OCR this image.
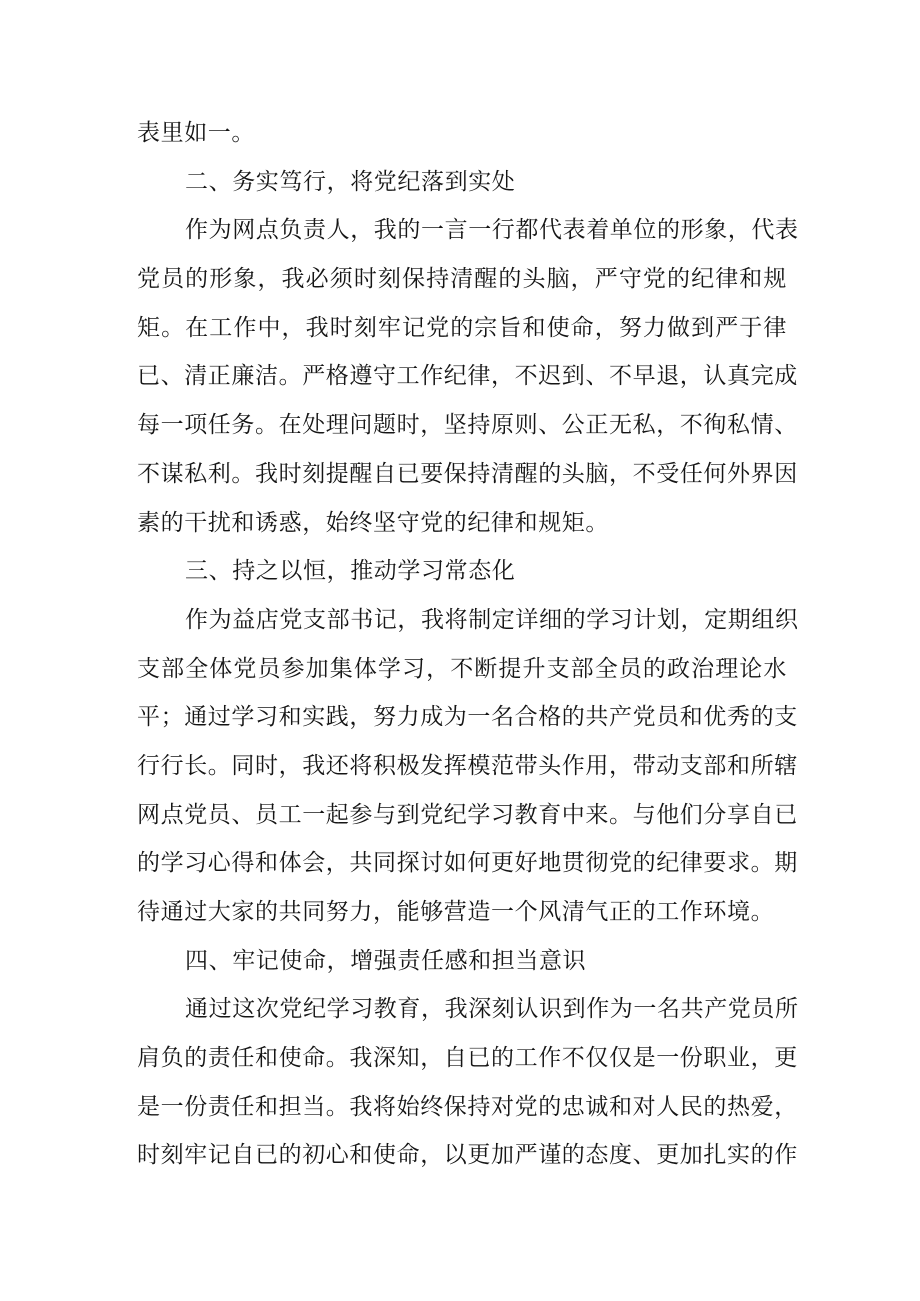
表里如一。
二、务实笃行，将党纪落到实处
作为网点负责人，我的一言一行都代表着单位的形象，代表
党员的形象，我必须时刻保持清醒的头脑，严守党的纪律和规
矩。在工作中，我时刻牢记党的宗旨和使命，努力做到严于律
已、清正廉洁。严格遵守工作纪律，不迟到、不早退，认真完成
每一项任务。在处理问题时，坚持原则、公正无私，不徇私情、
不谋私利。我时刻提醒自已要保持清醒的头脑，不受任何外界因
素的干扰和诱惑，始终坚守党的纪律和规矩。
三、持之以恒，推动学习常态化
作为益店党支部书记，我将制定详细的学习计划，定期组织
支部全体党员参加集体学习，不断提升支部全员的政治理论水
平；通过学习和实践，努力成为一名合格的共产党员和优秀的支
行行长。同时，我还将积极发挥模范带头作用，带动支部和所辖
网点党员、员工一起参与到党纪学习教育中来。与他们分享自已
的学习心得和体会，共同探讨如何更好地贯彻党的纪律要求。期
待通过大家的共同努力，能够营造一个风清气正的工作环境。
四、牢记使命，增强责任感和担当意识
通过这次党纪学习教育，我深刻认识到作为一名共产党员所
肩负的责任和使命。我深知，自已的工作不仅仅是一份职业，更
是一份责任和担当。我将始终保持对党的忠诚和对人民的热爱，
时刻牢记自已的初心和使命，以更加严谨的态度、更加扎实的作
